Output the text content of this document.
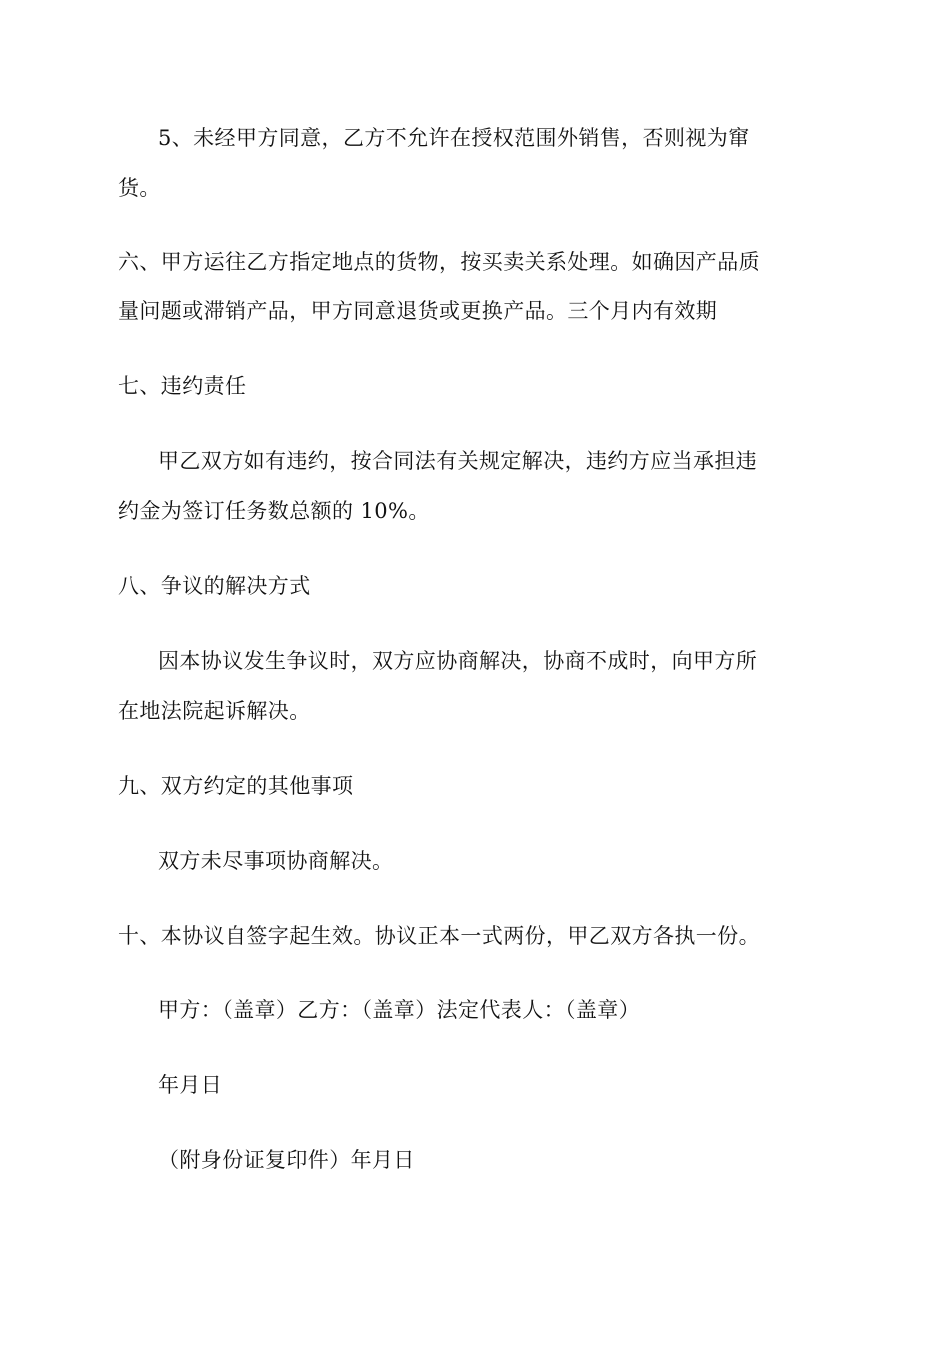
5、未经甲方同意，乙方不允许在授权范围外销售，否则视为窜

货。

六、甲方运往乙方指定地点的货物，按买卖关系处理。如确因产品质

量问题或滞销产品，甲方同意退货或更换产品。三个月内有效期

七、违约责任

甲乙双方如有违约，按合同法有关规定解决，违约方应当承担违

约金为签订任务数总额的 10%。

八、争议的解决方式

因本协议发生争议时，双方应协商解决，协商不成时，向甲方所

在地法院起诉解决。

九、双方约定的其他事项

双方未尽事项协商解决。

十、本协议自签字起生效。协议正本一式两份，甲乙双方各执一份。

甲方：（盖章）乙方：（盖章）法定代表人：（盖章）

年月日

（附身份证复印件）年月日
